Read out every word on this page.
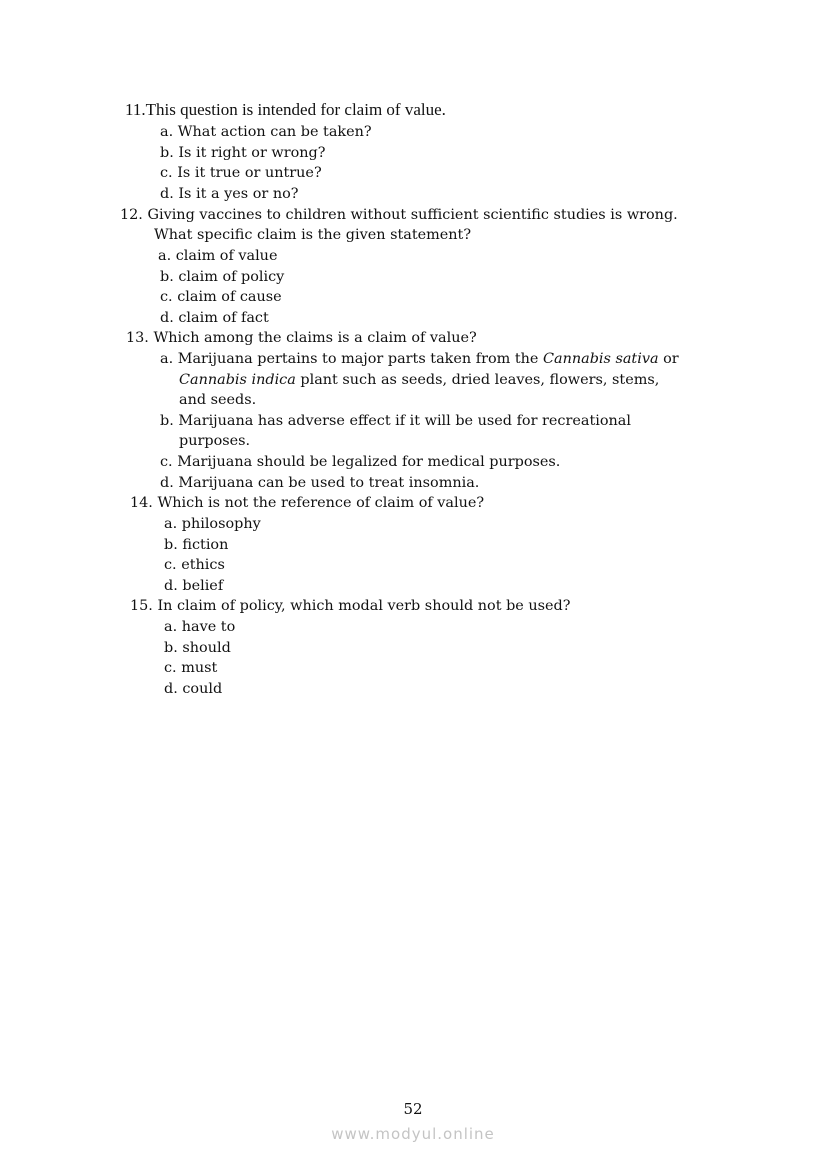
11.This question is intended for claim of value.
a. What action can be taken?
b. Is it right or wrong?
c. Is it true or untrue?
d. Is it a yes or no?
12. Giving vaccines to children without sufficient scientific studies is wrong.
What specific claim is the given statement?
a. claim of value
b. claim of policy
c. claim of cause
d. claim of fact
13. Which among the claims is a claim of value?
a. Marijuana pertains to major parts taken from the Cannabis sativa or
Cannabis indica plant such as seeds, dried leaves, flowers, stems,
and seeds.
b. Marijuana has adverse effect if it will be used for recreational
purposes.
c. Marijuana should be legalized for medical purposes.
d. Marijuana can be used to treat insomnia.
14. Which is not the reference of claim of value?
a. philosophy
b. fiction
c. ethics
d. belief
15. In claim of policy, which modal verb should not be used?
a. have to
b. should
c. must
d. could
52
www.modyul.online
